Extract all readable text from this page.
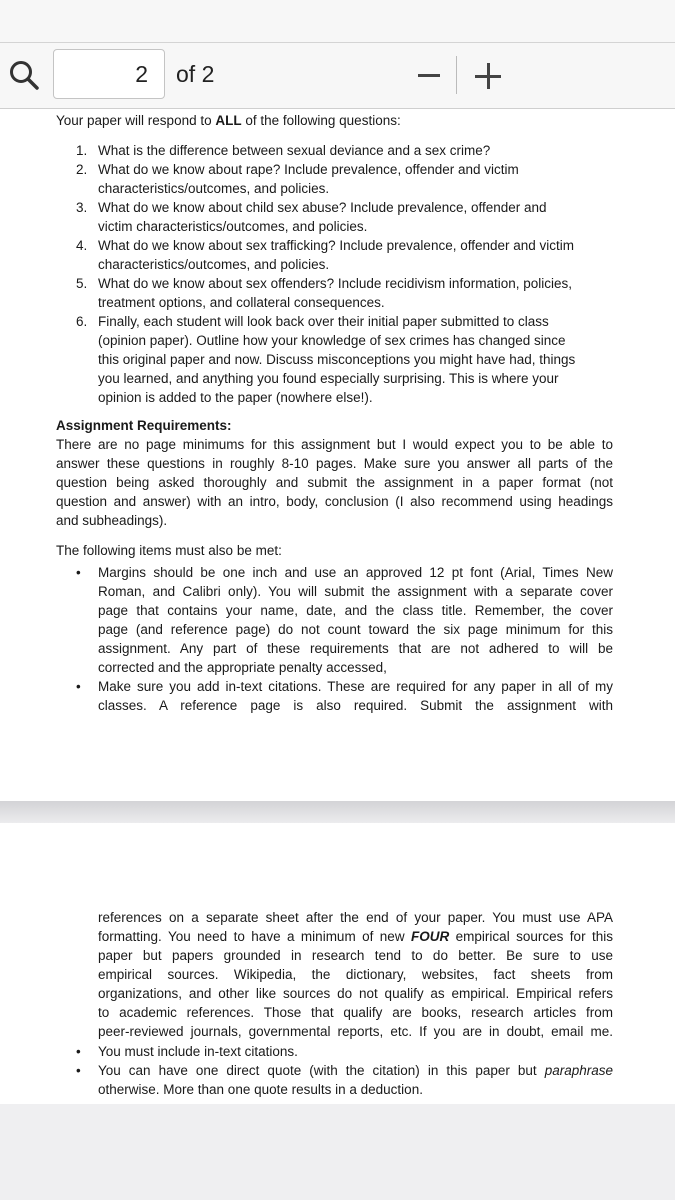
2	of 2
Your paper will respond to ALL of the following questions:
1. What is the difference between sexual deviance and a sex crime?
2. What do we know about rape? Include prevalence, offender and victim
characteristics/outcomes, and policies.
3. What do we know about child sex abuse? Include prevalence, offender and
victim characteristics/outcomes, and policies.
4. What do we know about sex trafficking? Include prevalence, offender and victim
characteristics/outcomes, and policies.
5. What do we know about sex offenders? Include recidivism information, policies,
treatment options, and collateral consequences.
6. Finally, each student will look back over their initial paper submitted to class
(opinion paper). Outline how your knowledge of sex crimes has changed since
this original paper and now. Discuss misconceptions you might have had, things
you learned, and anything you found especially surprising. This is where your
opinion is added to the paper (nowhere else!).
Assignment Requirements:
There are no page minimums for this assignment but I would expect you to be able to
answer these questions in roughly 8-10 pages. Make sure you answer all parts of the
question being asked thoroughly and submit the assignment in a paper format (not
question and answer) with an intro, body, conclusion (I also recommend using headings
and subheadings).
The following items must also be met:
• Margins should be one inch and use an approved 12 pt font (Arial, Times New
Roman, and Calibri only). You will submit the assignment with a separate cover
page that contains your name, date, and the class title. Remember, the cover
page (and reference page) do not count toward the six page minimum for this
assignment. Any part of these requirements that are not adhered to will be
corrected and the appropriate penalty accessed,
• Make sure you add in-text citations. These are required for any paper in all of my
classes. A reference page is also required. Submit the assignment with
references on a separate sheet after the end of your paper. You must use APA
formatting. You need to have a minimum of new FOUR empirical sources for this
paper but papers grounded in research tend to do better. Be sure to use
empirical sources. Wikipedia, the dictionary, websites, fact sheets from
organizations, and other like sources do not qualify as empirical. Empirical refers
to academic references. Those that qualify are books, research articles from
peer-reviewed journals, governmental reports, etc. If you are in doubt, email me.
• You must include in-text citations.
• You can have one direct quote (with the citation) in this paper but paraphrase
otherwise. More than one quote results in a deduction.
